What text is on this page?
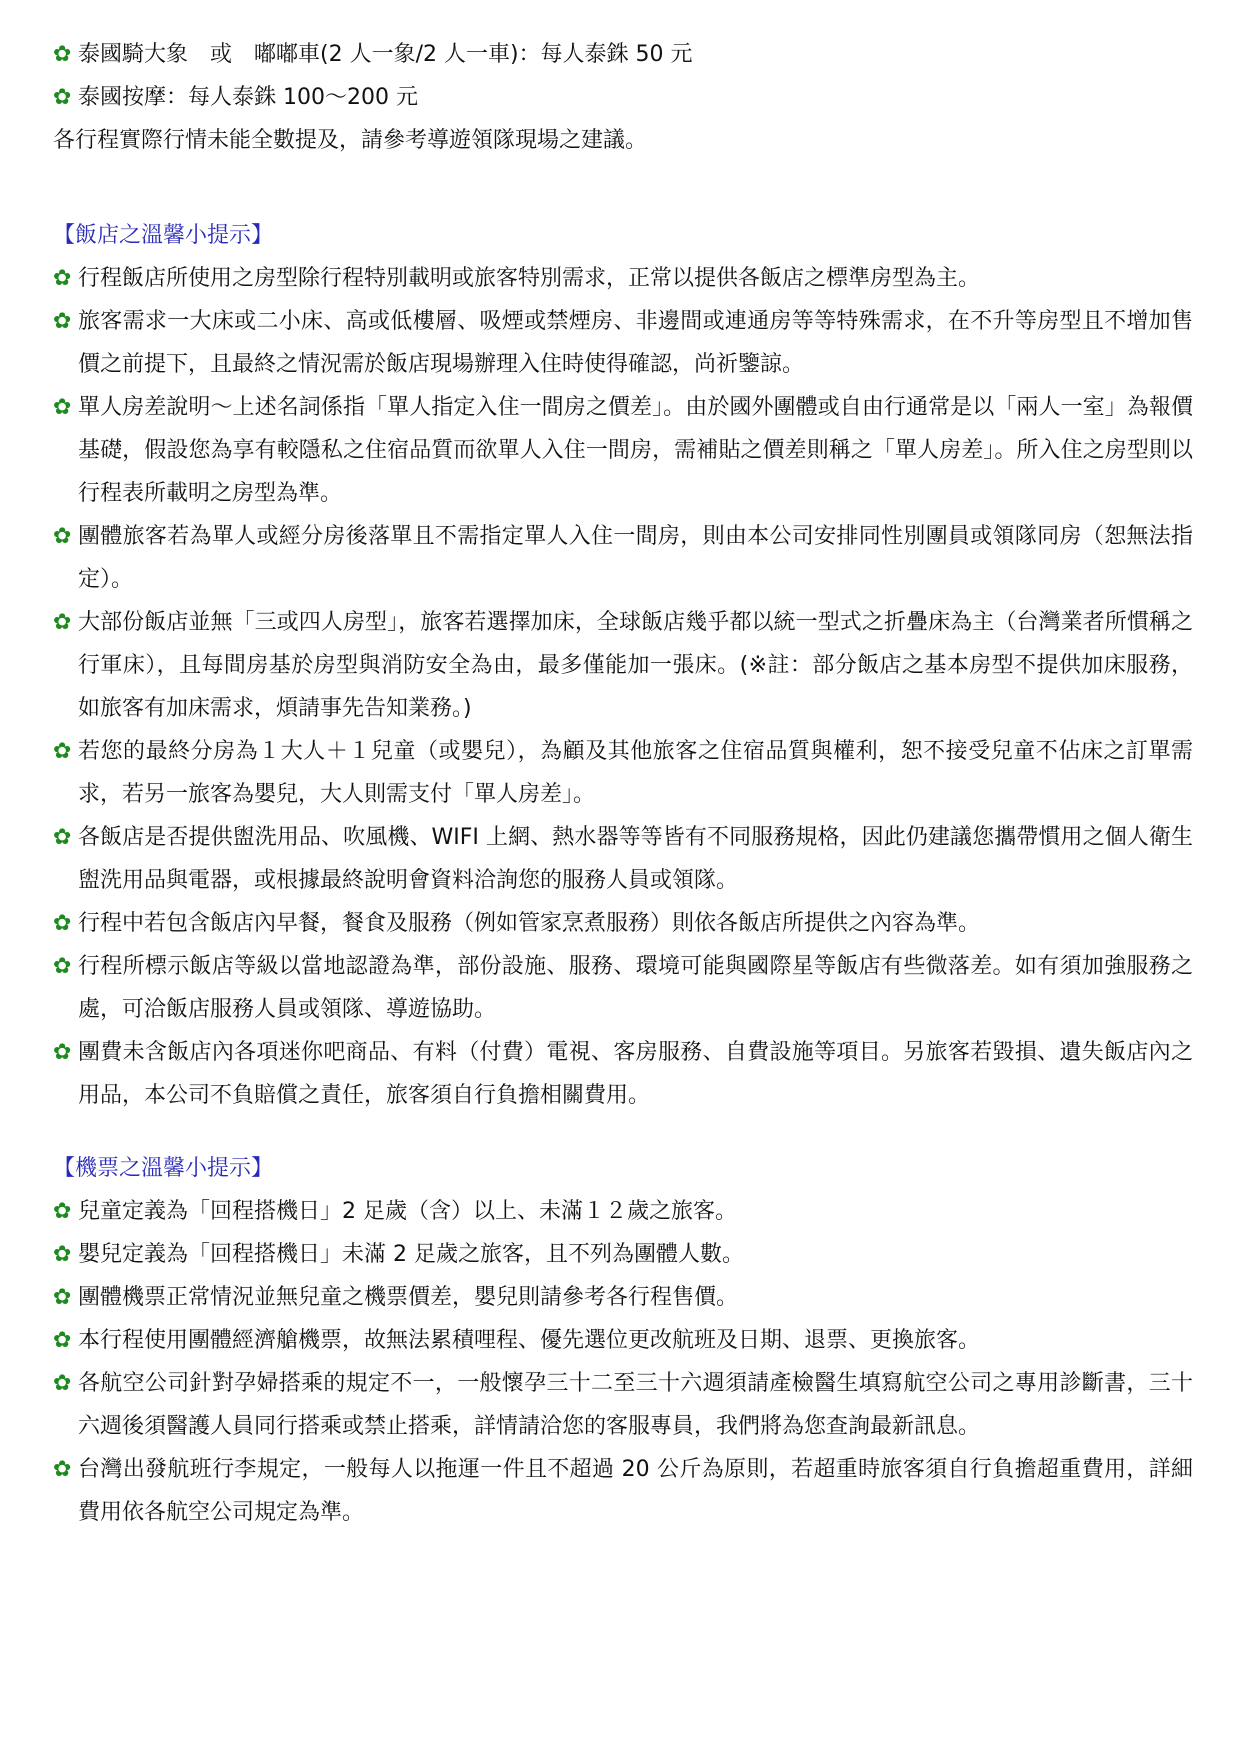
✿ 泰國騎大象　或　嘟嘟車(2 人一象/2 人一車)：每人泰銖 50 元
✿ 泰國按摩：每人泰銖 100～200 元
各行程實際行情未能全數提及，請參考導遊領隊現場之建議。
【飯店之溫馨小提示】
✿ 行程飯店所使用之房型除行程特別載明或旅客特別需求，正常以提供各飯店之標準房型為主。
✿ 旅客需求一大床或二小床、高或低樓層、吸煙或禁煙房、非邊間或連通房等等特殊需求，在不升等房型且不增加售價之前提下，且最終之情況需於飯店現場辦理入住時使得確認，尚祈鑒諒。
✿ 單人房差說明～上述名詞係指「單人指定入住一間房之價差」。由於國外團體或自由行通常是以「兩人一室」為報價基礎，假設您為享有較隱私之住宿品質而欲單人入住一間房，需補貼之價差則稱之「單人房差」。所入住之房型則以行程表所載明之房型為準。
✿ 團體旅客若為單人或經分房後落單且不需指定單人入住一間房，則由本公司安排同性別團員或領隊同房（恕無法指定）。
✿ 大部份飯店並無「三或四人房型」，旅客若選擇加床，全球飯店幾乎都以統一型式之折疊床為主（台灣業者所慣稱之行軍床），且每間房基於房型與消防安全為由，最多僅能加一張床。(※註：部分飯店之基本房型不提供加床服務，如旅客有加床需求，煩請事先告知業務。)
✿ 若您的最終分房為１大人＋１兒童（或嬰兒），為顧及其他旅客之住宿品質與權利，恕不接受兒童不佔床之訂單需求，若另一旅客為嬰兒，大人則需支付「單人房差」。
✿ 各飯店是否提供盥洗用品、吹風機、WIFI 上網、熱水器等等皆有不同服務規格，因此仍建議您攜帶慣用之個人衛生盥洗用品與電器，或根據最終說明會資料洽詢您的服務人員或領隊。
✿ 行程中若包含飯店內早餐，餐食及服務（例如管家烹煮服務）則依各飯店所提供之內容為準。
✿ 行程所標示飯店等級以當地認證為準，部份設施、服務、環境可能與國際星等飯店有些微落差。如有須加強服務之處，可洽飯店服務人員或領隊、導遊協助。
✿ 團費未含飯店內各項迷你吧商品、有料（付費）電視、客房服務、自費設施等項目。另旅客若毀損、遺失飯店內之用品，本公司不負賠償之責任，旅客須自行負擔相關費用。
【機票之溫馨小提示】
✿ 兒童定義為「回程搭機日」2 足歲（含）以上、未滿１２歲之旅客。
✿ 嬰兒定義為「回程搭機日」未滿 2 足歲之旅客，且不列為團體人數。
✿ 團體機票正常情況並無兒童之機票價差，嬰兒則請參考各行程售價。
✿ 本行程使用團體經濟艙機票，故無法累積哩程、優先選位更改航班及日期、退票、更換旅客。
✿ 各航空公司針對孕婦搭乘的規定不一，一般懷孕三十二至三十六週須請產檢醫生填寫航空公司之專用診斷書，三十六週後須醫護人員同行搭乘或禁止搭乘，詳情請洽您的客服專員，我們將為您查詢最新訊息。
✿ 台灣出發航班行李規定，一般每人以拖運一件且不超過 20 公斤為原則，若超重時旅客須自行負擔超重費用，詳細費用依各航空公司規定為準。
